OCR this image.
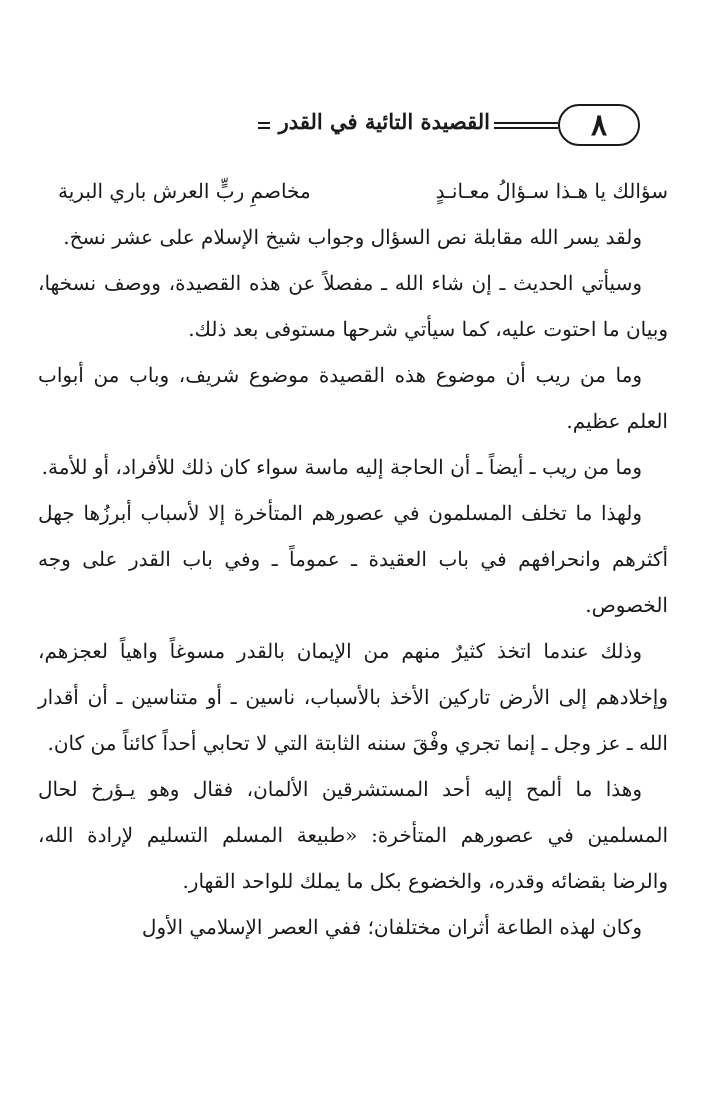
٨
القصيدة التائية في القدر
سؤالك يا هـذا سـؤالُ معـانـدٍ
مخاصمِ ربٍّ العرش باري البرية

ولقد يسر الله مقابلة نص السؤال وجواب شيخ الإسلام على عشر نسخ.

وسيأتي الحديث ـ إن شاء الله ـ مفصلاً عن هذه القصيدة، ووصف نسخها، وبيان ما احتوت عليه، كما سيأتي شرحها مستوفى بعد ذلك.

وما من ريب أن موضوع هذه القصيدة موضوع شريف، وباب من أبواب العلم عظيم.

وما من ريب ـ أيضاً ـ أن الحاجة إليه ماسة سواء كان ذلك للأفراد، أو للأمة.

ولهذا ما تخلف المسلمون في عصورهم المتأخرة إلا لأسباب أبرزُها جهل أكثرهم وانحرافهم في باب العقيدة ـ عموماً ـ وفي باب القدر على وجه الخصوص.

وذلك عندما اتخذ كثيرٌ منهم من الإيمان بالقدر مسوغاً واهياً لعجزهم، وإخلادهم إلى الأرض تاركين الأخذ بالأسباب، ناسين ـ أو متناسين ـ أن أقدار الله ـ عز وجل ـ إنما تجري وفْقَ سننه الثابتة التي لا تحابي أحداً كائناً من كان.

وهذا ما ألمح إليه أحد المستشرقين الألمان، فقال وهو يـؤرخ لحال المسلمين في عصورهم المتأخرة: «طبيعة المسلم التسليم لإرادة الله، والرضا بقضائه وقدره، والخضوع بكل ما يملك للواحد القهار.

وكان لهذه الطاعة أثران مختلفان؛ ففي العصر الإسلامي الأول
